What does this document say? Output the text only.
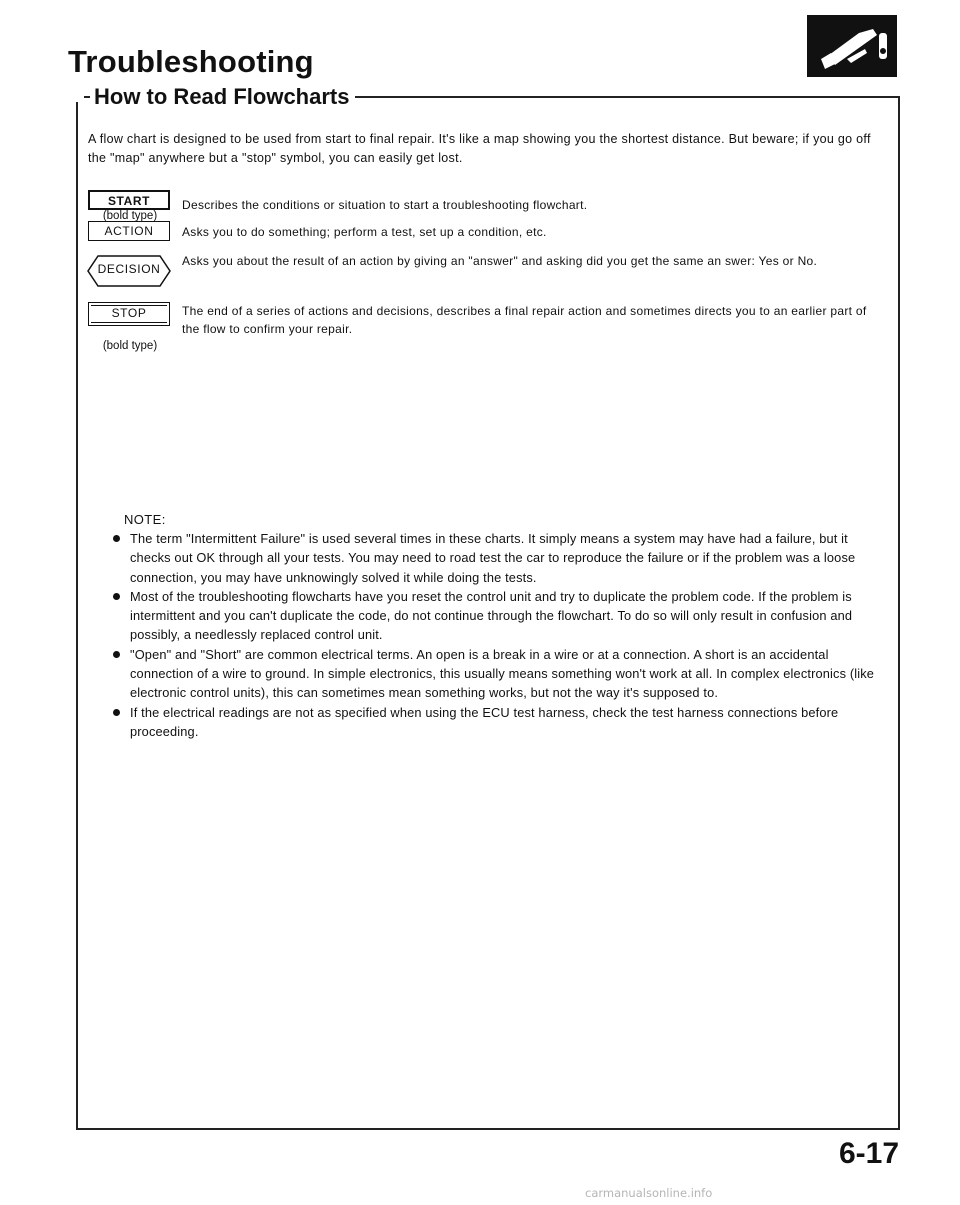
Troubleshooting
How to Read Flowcharts
A flow chart is designed to be used from start to final repair. It's like a map showing you the shortest distance. But beware; if you go off the "map" anywhere but a "stop" symbol, you can easily get lost.
START
(bold type)
Describes the conditions or situation to start a troubleshooting flowchart.
ACTION	Asks you to do something; perform a test, set up a condition, etc.
DECISION
Asks you about the result of an action by giving an "answer" and asking did you get the same an swer: Yes or No.
STOP
(bold type)
The end of a series of actions and decisions, describes a final repair action and sometimes directs you to an earlier part of the flow to confirm your repair.
NOTE:
The term "Intermittent Failure" is used several times in these charts. It simply means a system may have had a failure, but it checks out OK through all your tests. You may need to road test the car to reproduce the failure or if the problem was a loose connection, you may have unknowingly solved it while doing the tests.
Most of the troubleshooting flowcharts have you reset the control unit and try to duplicate the problem code. If the problem is intermittent and you can't duplicate the code, do not continue through the flowchart. To do so will only result in confusion and possibly, a needlessly replaced control unit.
"Open" and "Short" are common electrical terms. An open is a break in a wire or at a connection. A short is an accidental connection of a wire to ground. In simple electronics, this usually means something won't work at all. In complex electronics (like electronic control units), this can sometimes mean something works, but not the way it's supposed to.
If the electrical readings are not as specified when using the ECU test harness, check the test harness connections before proceeding.
6-17
carmanualsonline.info
